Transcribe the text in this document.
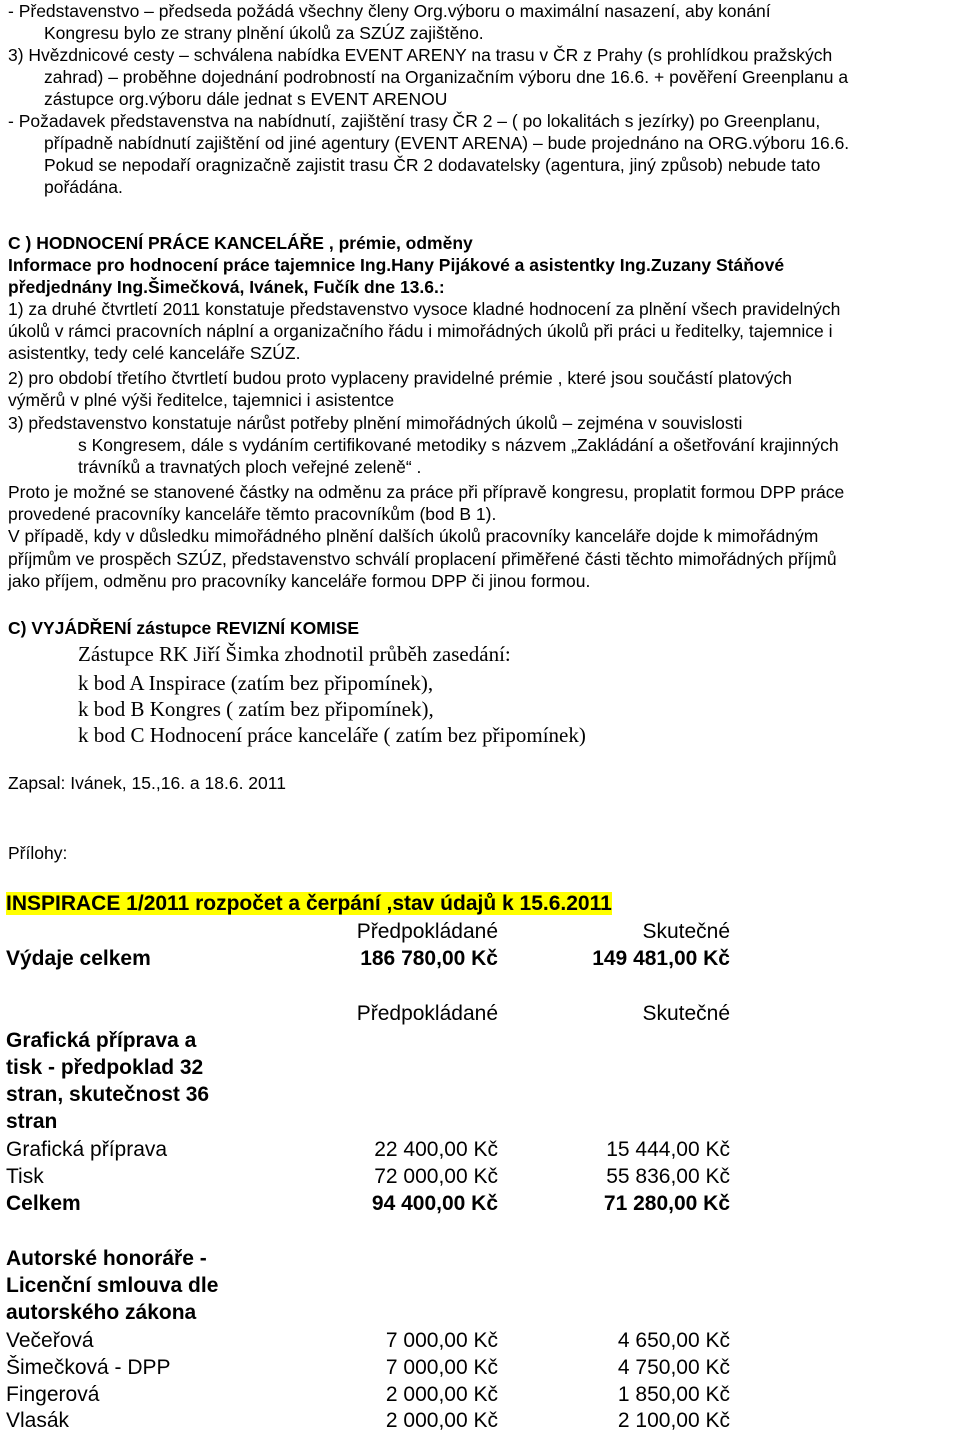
- Představenstvo – předseda požádá všechny členy Org.výboru o maximální nasazení, aby konání
Kongresu bylo ze strany plnění úkolů za SZÚZ zajištěno.
3) Hvězdnicové cesty – schválena nabídka EVENT ARENY na trasu v ČR z Prahy (s prohlídkou pražských
zahrad) – proběhne dojednání podrobností na Organizačním výboru dne 16.6. + pověření Greenplanu a
zástupce org.výboru dále jednat s EVENT ARENOU
- Požadavek představenstva na nabídnutí, zajištění trasy ČR 2 – ( po lokalitách s jezírky) po Greenplanu,
případně nabídnutí zajištění od jiné agentury (EVENT ARENA) – bude projednáno na ORG.výboru 16.6.
Pokud se nepodaří oragnizačně zajistit trasu ČR 2 dodavatelsky (agentura, jiný způsob) nebude tato
pořádána.
C ) HODNOCENÍ PRÁCE KANCELÁŘE , prémie, odměny
Informace pro hodnocení práce tajemnice Ing.Hany Pijákové a asistentky Ing.Zuzany Stáňové
předjednány Ing.Šimečková, Ivánek, Fučík dne 13.6.:
1) za druhé čtvrtletí 2011 konstatuje představenstvo vysoce kladné hodnocení za plnění všech pravidelných
úkolů v rámci pracovních náplní a organizačního řádu i mimořádných úkolů při práci u ředitelky, tajemnice i
asistentky, tedy celé kanceláře SZÚZ.
2) pro období třetího čtvrtletí budou proto vyplaceny pravidelné prémie , které jsou součástí platových
výměrů v plné výši ředitelce, tajemnici i asistentce
3) představenstvo konstatuje nárůst potřeby plnění mimořádných úkolů – zejména v souvislosti
s Kongresem, dále s vydáním certifikované metodiky s názvem „Zakládání a ošetřování krajinných
trávníků a travnatých ploch veřejné zeleně“ .
Proto je možné se stanovené částky na odměnu za práce při přípravě kongresu, proplatit formou DPP práce
provedené pracovníky kanceláře těmto pracovníkům (bod B 1).
V případě, kdy v důsledku mimořádného plnění dalších úkolů pracovníky kanceláře dojde k mimořádným
příjmům ve prospěch SZÚZ, představenstvo schválí proplacení přiměřené části těchto mimořádných příjmů
jako příjem, odměnu pro pracovníky kanceláře formou DPP či jinou formou.
C) VYJÁDŘENÍ zástupce REVIZNÍ KOMISE
Zástupce RK Jiří Šimka zhodnotil průběh zasedání:
k bod A Inspirace (zatím bez připomínek),
k bod B Kongres ( zatím bez připomínek),
k bod C Hodnocení práce kanceláře ( zatím bez připomínek)
Zapsal: Ivánek, 15.,16. a 18.6. 2011
Přílohy:
INSPIRACE 1/2011 rozpočet a čerpání ,stav údajů k 15.6.2011
Předpokládané	Skutečné
Výdaje celkem	186 780,00 Kč	149 481,00 Kč
Předpokládané	Skutečné
Grafická příprava a
tisk - předpoklad 32
stran, skutečnost 36
stran
Grafická příprava	22 400,00 Kč	15 444,00 Kč
Tisk	72 000,00 Kč	55 836,00 Kč
Celkem	94 400,00 Kč	71 280,00 Kč
Autorské honoráře -
Licenční smlouva dle
autorského zákona
Večeřová	7 000,00 Kč	4 650,00 Kč
Šimečková - DPP	7 000,00 Kč	4 750,00 Kč
Fingerová	2 000,00 Kč	1 850,00 Kč
Vlasák	2 000,00 Kč	2 100,00 Kč
